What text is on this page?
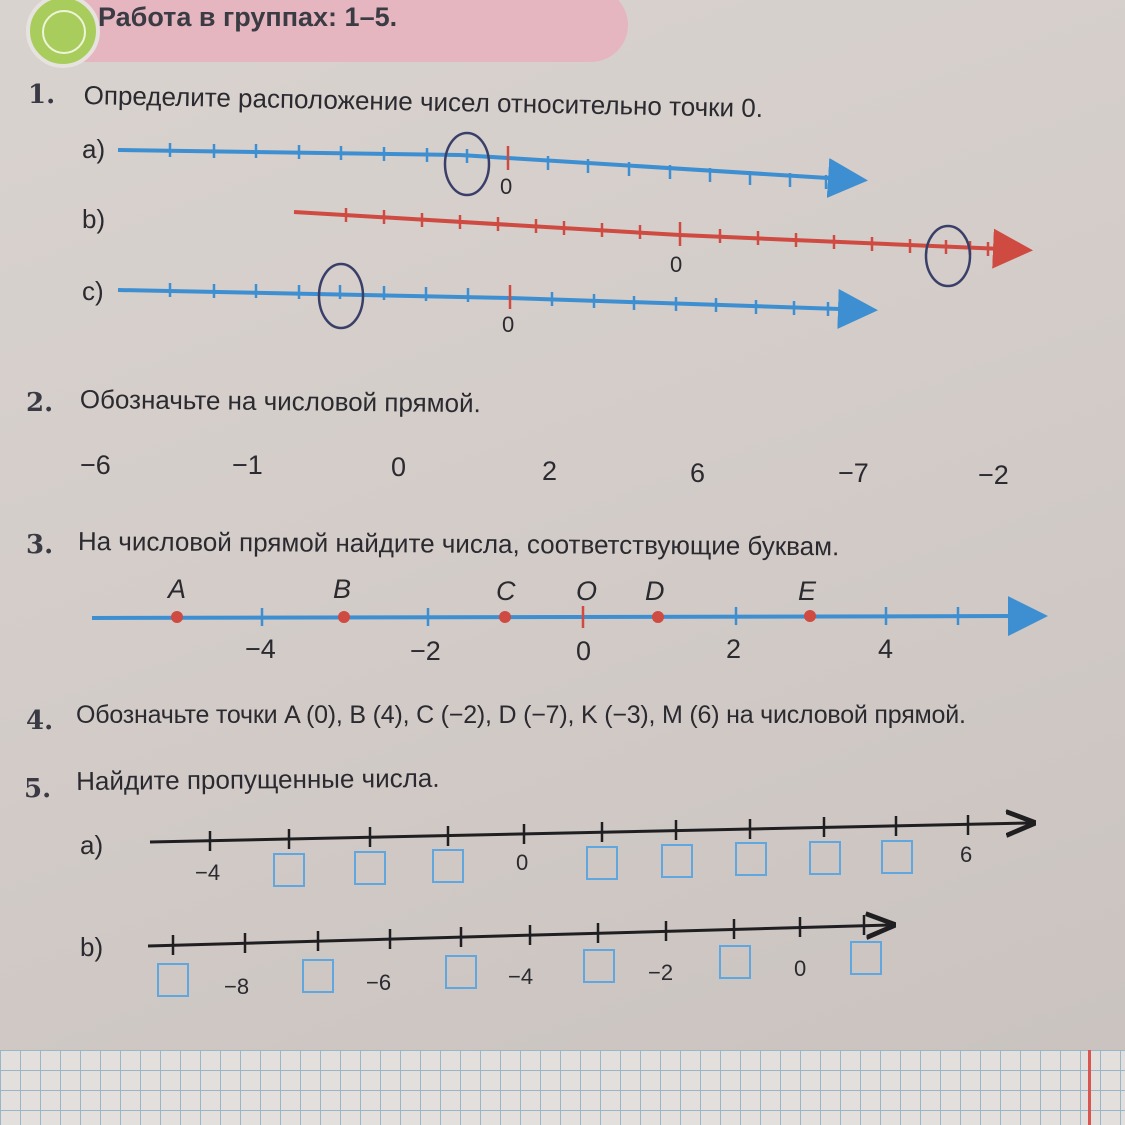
Работа в группах: 1–5.
1. Определите расположение чисел относительно точки 0.
a)
b)
c)
0
0
0
2. Обозначьте на числовой прямой.
−6	−1	0	2	6	−7	−2
3. На числовой прямой найдите числа, соответствующие буквам.
A	B	C O D	E
−4	−2	0	2	4
4. Обозначьте точки A (0), B (4), C (−2), D (−7), K (−3), M (6) на числовой прямой.
5. Найдите пропущенные числа.
a)
−4	0	6
b)
−8	−6	−4	−2	0
